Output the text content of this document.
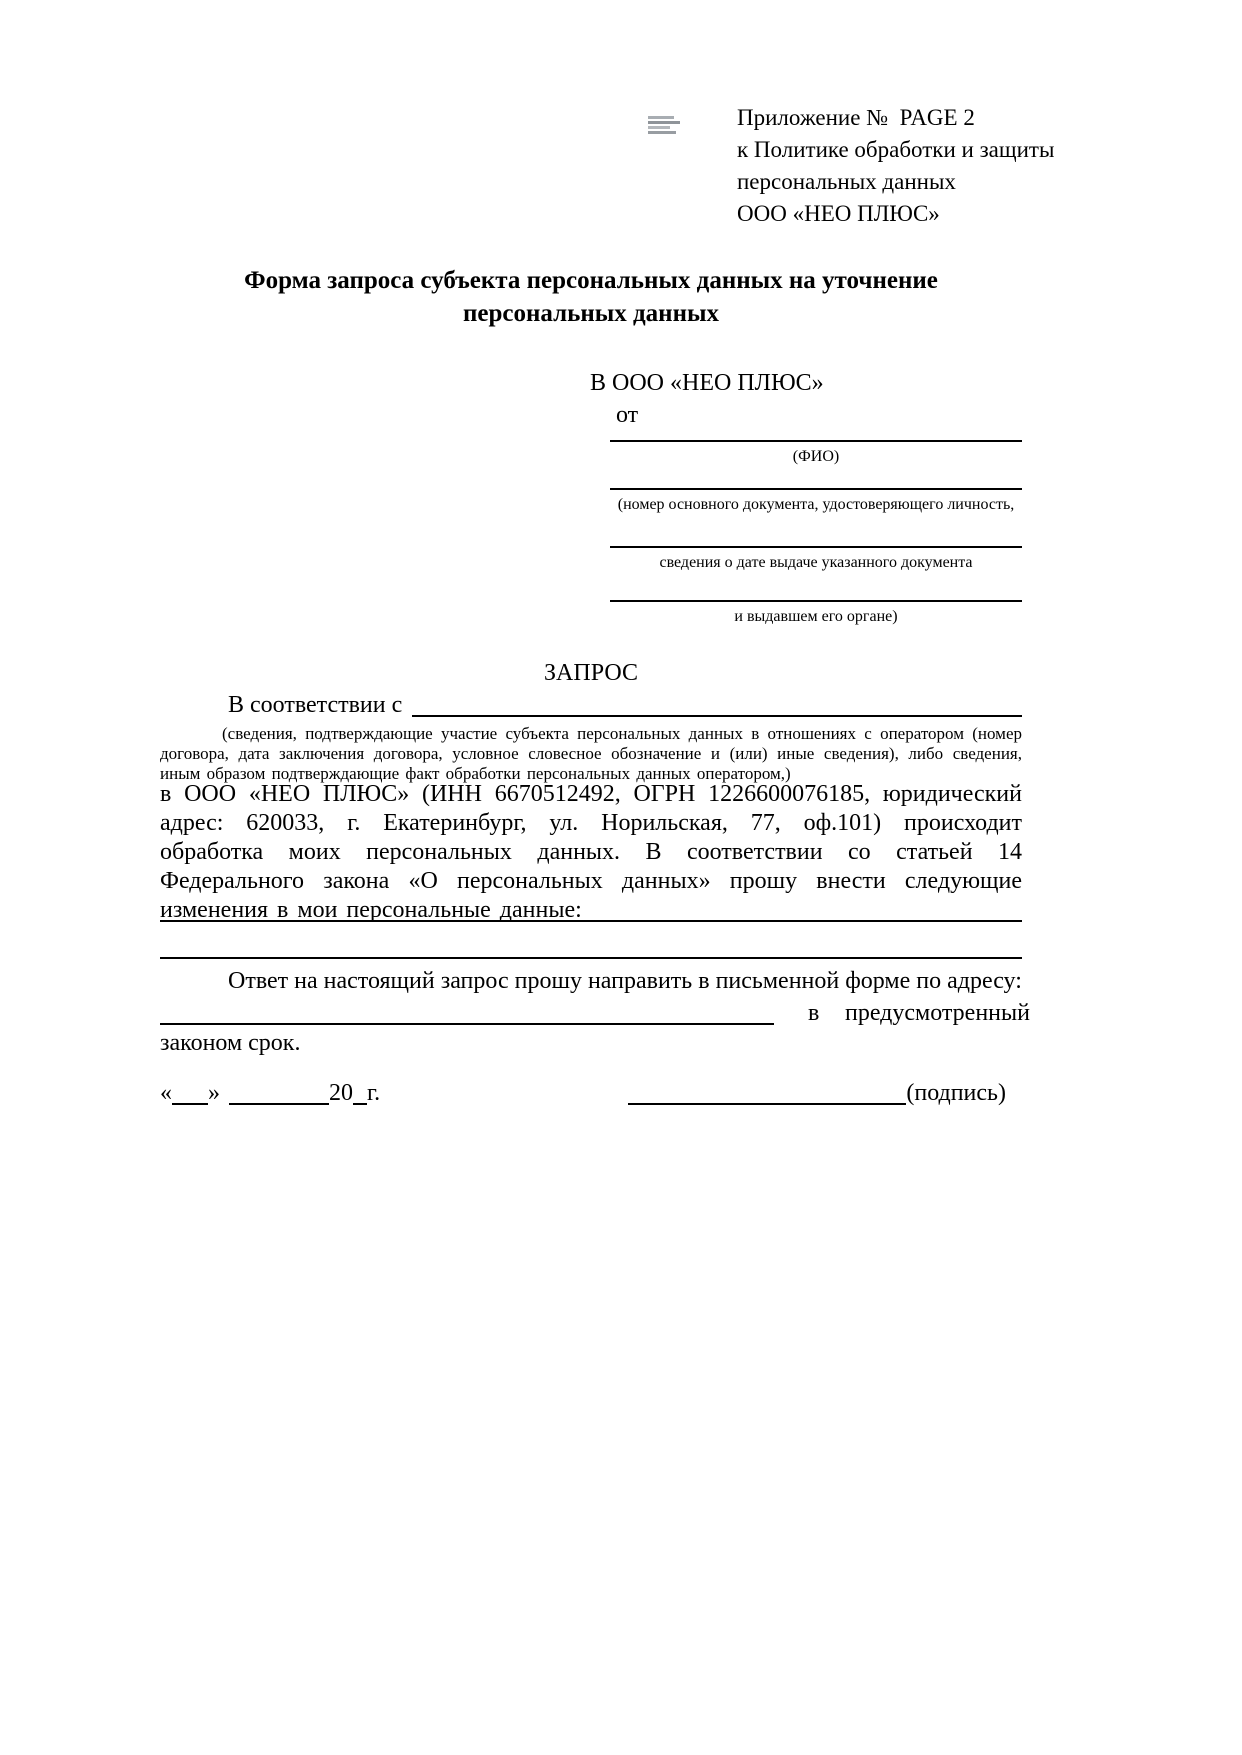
Приложение №  PAGE 2
к Политике обработки и защиты
персональных данных
ООО «НЕО ПЛЮС»
Форма запроса субъекта персональных данных на уточнение
персональных данных
В ООО «НЕО ПЛЮС»
от
(ФИО)
(номер основного документа, удостоверяющего личность,
сведения о дате выдаче указанного документа
и выдавшем его органе)
ЗАПРОС
В соответствии с
(сведения, подтверждающие участие субъекта персональных данных в отношениях с оператором (номер договора, дата заключения договора, условное словесное обозначение и (или) иные сведения), либо сведения, иным образом подтверждающие факт обработки персональных данных оператором,)
в ООО «НЕО ПЛЮС» (ИНН 6670512492, ОГРН 1226600076185, юридический адрес: 620033, г. Екатеринбург, ул. Норильская, 77, оф.101) происходит обработка моих персональных данных. В соответствии со статьей 14 Федерального закона «О персональных данных» прошу внести следующие изменения в мои персональные данные:
Ответ на настоящий запрос прошу направить в письменной форме по адресу:
в предусмотренный
законом срок.
« »	20 г.	(подпись)
